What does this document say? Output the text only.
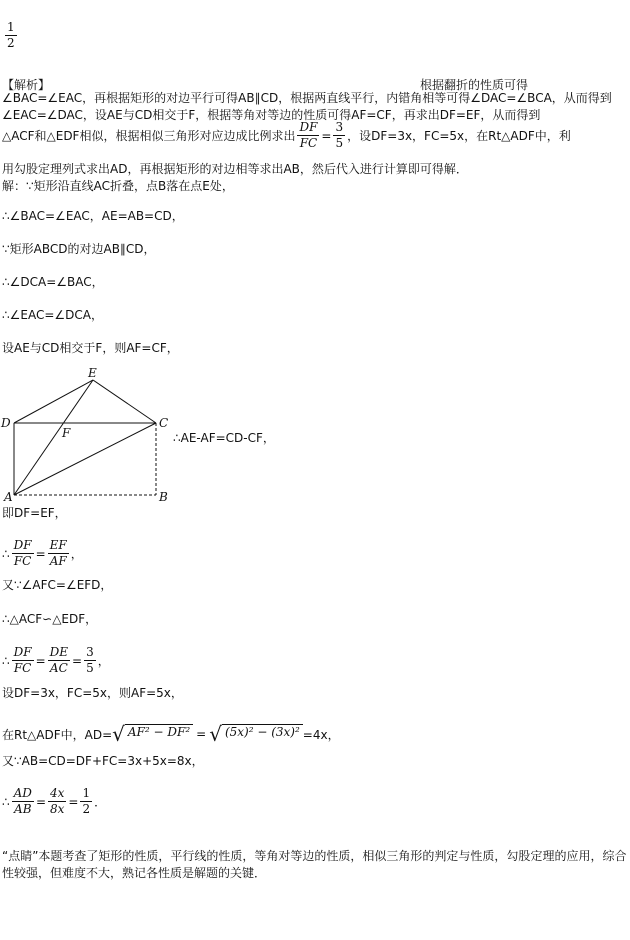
$\frac{1}{2}$
【解析】	根据翻折的性质可得
∠BAC=∠EAC，再根据矩形的对边平行可得AB∥CD，根据两直线平行，内错角相等可得∠DAC=∠BCA，从而得到∠EAC=∠DAC，设AE与CD相交于F，根据等角对等边的性质可得AF=CF，再求出DF=EF，从而得到
△ACF和△EDF相似，根据相似三角形对应边成比例求出 $\frac{DF}{FC} = \frac{3}{5}$ ，设DF=3x，FC=5x，在Rt△ADF中，利
用勾股定理列式求出AD，再根据矩形的对边相等求出AB，然后代入进行计算即可得解．
解：∵矩形沿直线AC折叠，点B落在点E处，
∴∠BAC=∠EAC，AE=AB=CD，
∵矩形ABCD的对边AB∥CD，
∴∠DCA=∠BAC，
∴∠EAC=∠DCA，
设AE与CD相交于F，则AF=CF，
E
D
F
C
A	B
∴AE-AF=CD-CF，
即DF=EF，
∴ $\frac{DF}{FC} = \frac{EF}{AF}$ ，
又∵∠AFC=∠EFD，
∴△ACF∽△EDF，
∴ $\frac{DF}{FC} = \frac{DE}{AC} = \frac{3}{5}$ ，
设DF=3x，FC=5x，则AF=5x，
在Rt△ADF中，AD= √ AF² − DF² = √ (5x)² − (3x)² =4x，
又∵AB=CD=DF+FC=3x+5x=8x，
∴ $\frac{AD}{AB} = \frac{4x}{8x} = \frac{1}{2}$ ．
“点睛”本题考查了矩形的性质，平行线的性质，等角对等边的性质，相似三角形的判定与性质，勾股定理的应用，综合性较强，但难度不大，熟记各性质是解题的关键．
